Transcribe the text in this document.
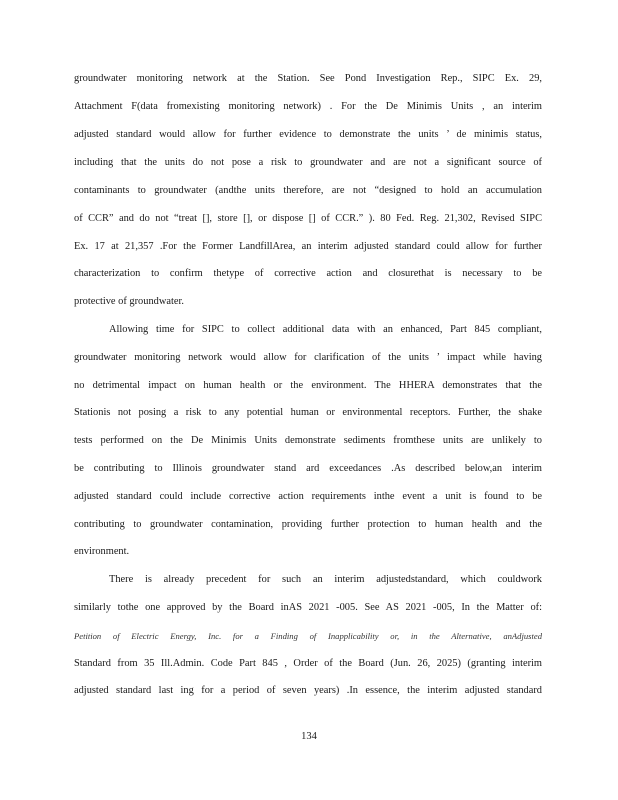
groundwater monitoring network at the Station. See Pond Investigation Rep., SIPC Ex. 29,
Attachment F(data fromexisting monitoring network) . For the De Minimis Units , an interim
adjusted standard would allow for further evidence to demonstrate the units ’ de minimis status,
including that the units do not pose a risk to groundwater and are not a significant source of
contaminants to groundwater (andthe units therefore, are not “designed to hold an accumulation
of CCR” and do not “treat [], store [], or dispose [] of CCR.” ). 80 Fed. Reg. 21,302, Revised SIPC
Ex. 17 at 21,357 .For the Former LandfillArea, an interim adjusted standard could allow for further
characterization to confirm thetype of corrective action and closurethat is necessary to be
protective of groundwater.
Allowing time for SIPC to collect additional data with an enhanced, Part 845 compliant,
groundwater monitoring network would allow for clarification of the units ’ impact while having
no detrimental impact on human health or the environment. The HHERA demonstrates that the
Stationis not posing a risk to any potential human or environmental receptors. Further, the shake
tests performed on the De Minimis Units demonstrate sediments fromthese units are unlikely to
be contributing to Illinois groundwater stand ard exceedances .As described below,an interim
adjusted standard could include corrective action requirements inthe event a unit is found to be
contributing to groundwater contamination, providing further protection to human health and the
environment.
There is already precedent for such an interim adjustedstandard, which couldwork
similarly tothe one approved by the Board inAS 2021 -005. See AS 2021 -005, In the Matter of:
Petition of Electric Energy, Inc. for a Finding of Inapplicability or, in the Alternative, anAdjusted
Standard from 35 Ill.Admin. Code Part 845 , Order of the Board (Jun. 26, 2025) (granting interim
adjusted standard last ing for a period of seven years) .In essence, the interim adjusted standard
134
